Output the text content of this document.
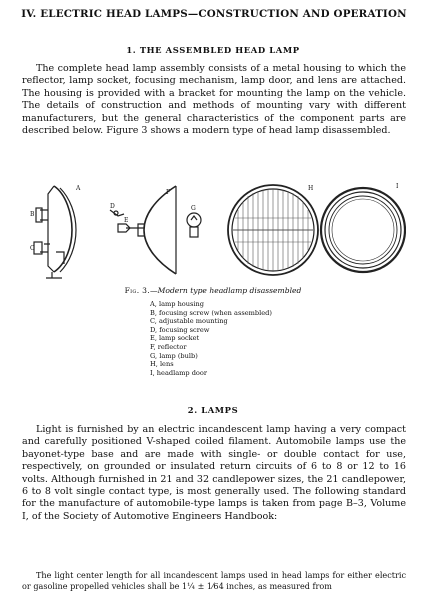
IV. ELECTRIC HEAD LAMPS—CONSTRUCTION AND OPERATION
1. THE ASSEMBLED HEAD LAMP

The complete head lamp assembly consists of a metal housing to which the reflector, lamp socket, focusing mechanism, lamp door, and lens are attached. The housing is provided with a bracket for mounting the lamp on the vehicle. The details of construction and methods of mounting vary with different manufacturers, but the general characteristics of the component parts are described below. Figure 3 shows a modern type of head lamp disassembled.

A
B
C
D
E
F
G
H	I
Fig. 3.—Modern type headlamp disassembled
A, lamp housing
B, focusing screw (when assembled)
C, adjustable mounting
D, focusing screw
E, lamp socket
F, reflector
G, lamp (bulb)
H, lens
I, headlamp door
2. LAMPS

Light is furnished by an electric incandescent lamp having a very compact and carefully positioned V-shaped coiled filament. Automobile lamps use the bayonet-type base and are made with single- or double contact for use, respectively, on grounded or insulated return circuits of 6 to 8 or 12 to 16 volts. Although furnished in 21 and 32 candlepower sizes, the 21 candlepower, 6 to 8 volt single contact type, is most generally used. The following standard for the manufacture of automobile-type lamps is taken from page B–3, Volume I, of the Society of Automotive Engineers Handbook:

The light center length for all incandescent lamps used in head lamps for either electric or gasoline propelled vehicles shall be 1¼ ± 1⁄64 inches, as measured from
